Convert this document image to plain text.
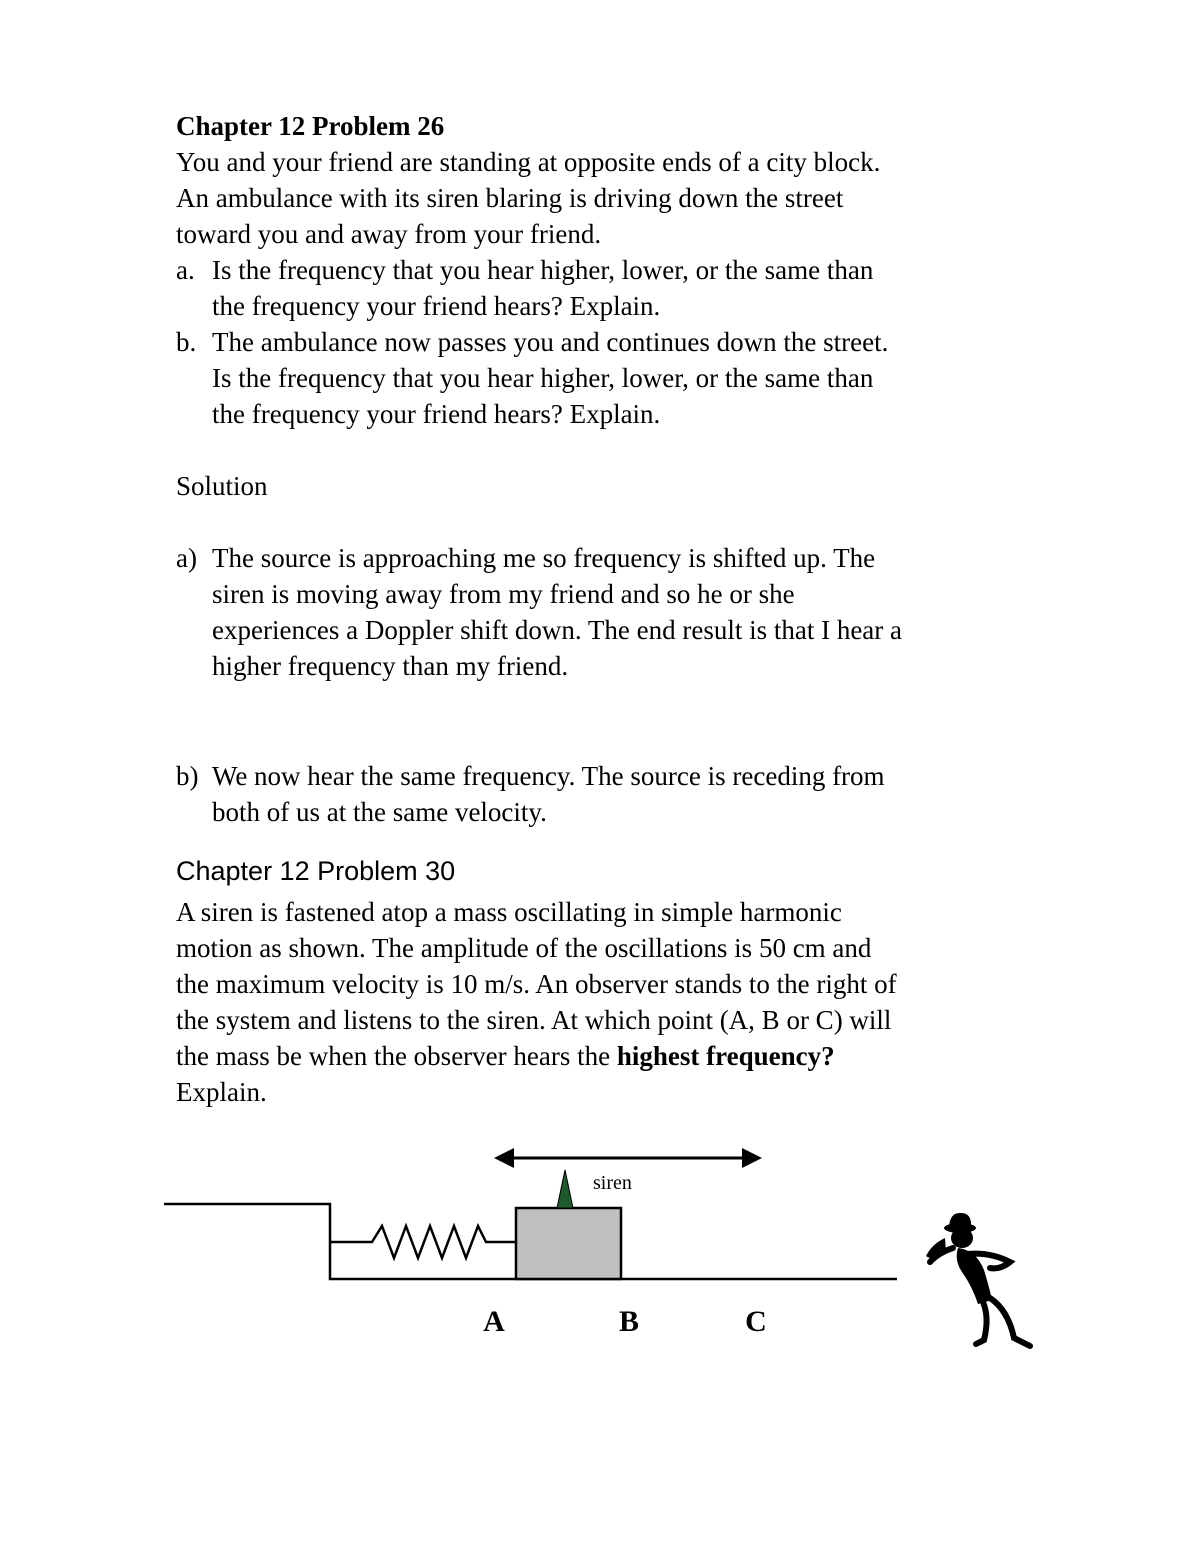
Chapter 12 Problem 26
You and your friend are standing at opposite ends of a city block.
An ambulance with its siren blaring is driving down the street
toward you and away from your friend.
a. Is the frequency that you hear higher, lower, or the same than
the frequency your friend hears? Explain.
b. The ambulance now passes you and continues down the street.
Is the frequency that you hear higher, lower, or the same than
the frequency your friend hears? Explain.
Solution
a) The source is approaching me so frequency is shifted up. The
siren is moving away from my friend and so he or she
experiences a Doppler shift down. The end result is that I hear a
higher frequency than my friend.
b) We now hear the same frequency. The source is receding from
both of us at the same velocity.
Chapter 12 Problem 30
A siren is fastened atop a mass oscillating in simple harmonic
motion as shown. The amplitude of the oscillations is 50 cm and
the maximum velocity is 10 m/s. An observer stands to the right of
the system and listens to the siren. At which point (A, B or C) will
the mass be when the observer hears the highest frequency?
Explain.
siren
A	B	C
